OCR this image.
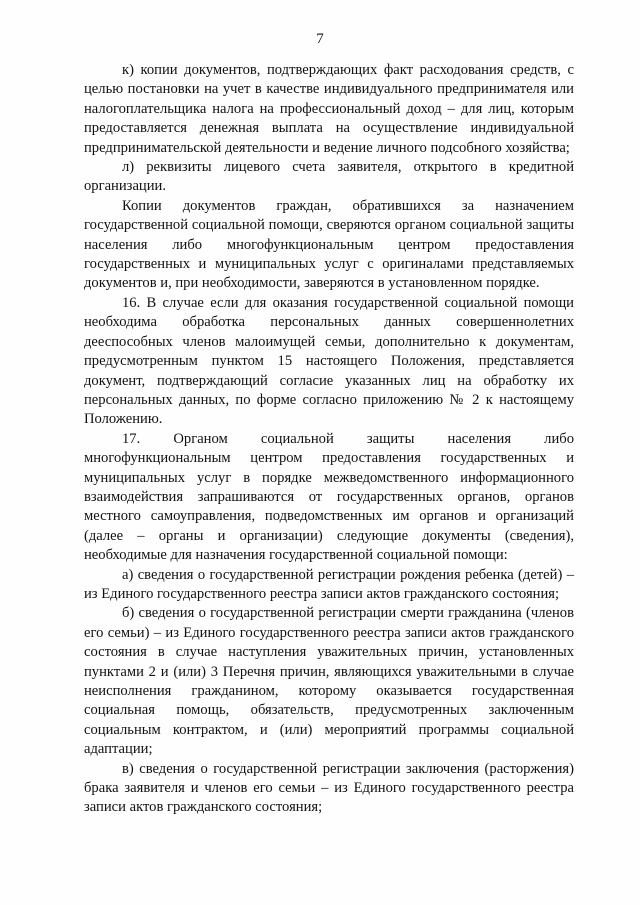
7

к) копии документов, подтверждающих факт расходования средств, с целью постановки на учет в качестве индивидуального предпринимателя или налогоплательщика налога на профессиональный доход – для лиц, которым предоставляется денежная выплата на осуществление индивидуальной предпринимательской деятельности и ведение личного подсобного хозяйства;

л) реквизиты лицевого счета заявителя, открытого в кредитной организации.

Копии документов граждан, обратившихся за назначением государственной социальной помощи, сверяются органом социальной защиты населения либо многофункциональным центром предоставления государственных и муниципальных услуг с оригиналами представляемых документов и, при необходимости, заверяются в установленном порядке.

16. В случае если для оказания государственной социальной помощи необходима обработка персональных данных совершеннолетних дееспособных членов малоимущей семьи, дополнительно к документам, предусмотренным пунктом 15 настоящего Положения, представляется документ, подтверждающий согласие указанных лиц на обработку их персональных данных, по форме согласно приложению № 2 к настоящему Положению.

17. Органом социальной защиты населения либо многофункциональным центром предоставления государственных и муниципальных услуг в порядке межведомственного информационного взаимодействия запрашиваются от государственных органов, органов местного самоуправления, подведомственных им органов и организаций (далее – органы и организации) следующие документы (сведения), необходимые для назначения государственной социальной помощи:

а) сведения о государственной регистрации рождения ребенка (детей) – из Единого государственного реестра записи актов гражданского состояния;

б) сведения о государственной регистрации смерти гражданина (членов его семьи) – из Единого государственного реестра записи актов гражданского состояния в случае наступления уважительных причин, установленных пунктами 2 и (или) 3 Перечня причин, являющихся уважительными в случае неисполнения гражданином, которому оказывается государственная социальная помощь, обязательств, предусмотренных заключенным социальным контрактом, и (или) мероприятий программы социальной адаптации;

в) сведения о государственной регистрации заключения (расторжения) брака заявителя и членов его семьи – из Единого государственного реестра записи актов гражданского состояния;
